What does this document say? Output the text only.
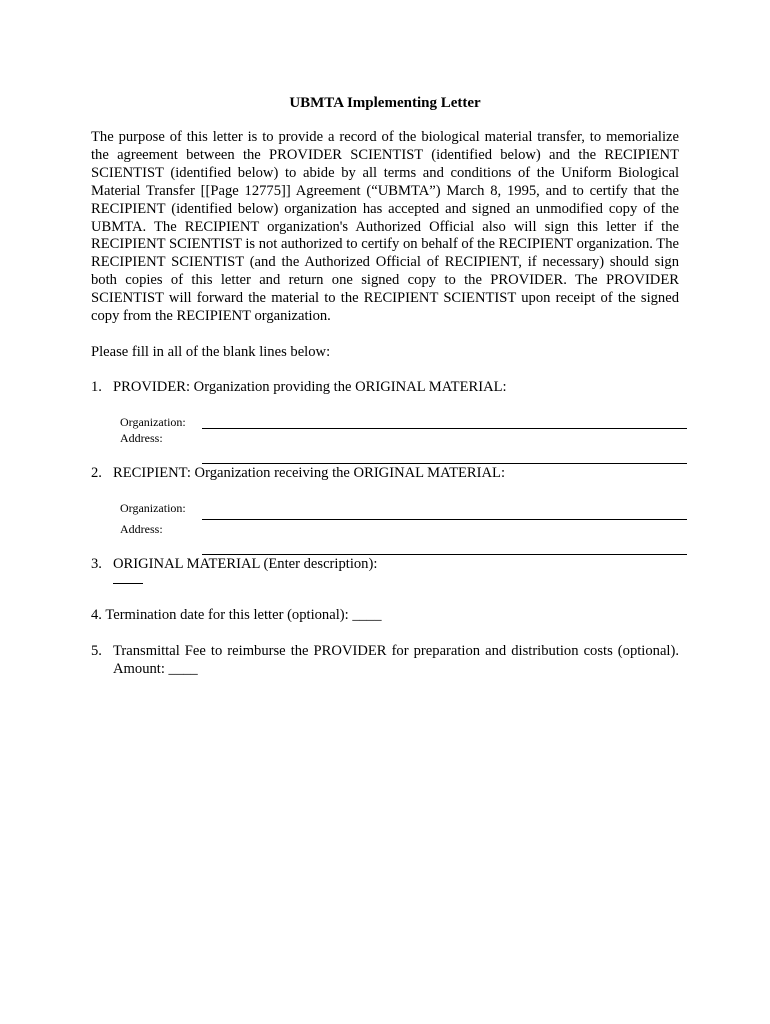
UBMTA Implementing Letter
The purpose of this letter is to provide a record of the biological material transfer, to memorialize the agreement between the PROVIDER SCIENTIST (identified below) and the RECIPIENT SCIENTIST (identified below) to abide by all terms and conditions of the Uniform Biological Material Transfer [[Page 12775]] Agreement (“UBMTA”) March 8, 1995, and to certify that the RECIPIENT (identified below) organization has accepted and signed an unmodified copy of the UBMTA. The RECIPIENT organization's Authorized Official also will sign this letter if the RECIPIENT SCIENTIST is not authorized to certify on behalf of the RECIPIENT organization. The RECIPIENT SCIENTIST (and the Authorized Official of RECIPIENT, if necessary) should sign both copies of this letter and return one signed copy to the PROVIDER. The PROVIDER SCIENTIST will forward the material to the RECIPIENT SCIENTIST upon receipt of the signed copy from the RECIPIENT organization.
Please fill in all of the blank lines below:
1. PROVIDER: Organization providing the ORIGINAL MATERIAL:
Organization:
Address:
2. RECIPIENT: Organization receiving the ORIGINAL MATERIAL:
Organization:
Address:
3. ORIGINAL MATERIAL (Enter description):
4. Termination date for this letter (optional): ____
5. Transmittal Fee to reimburse the PROVIDER for preparation and distribution costs (optional). Amount: ____
